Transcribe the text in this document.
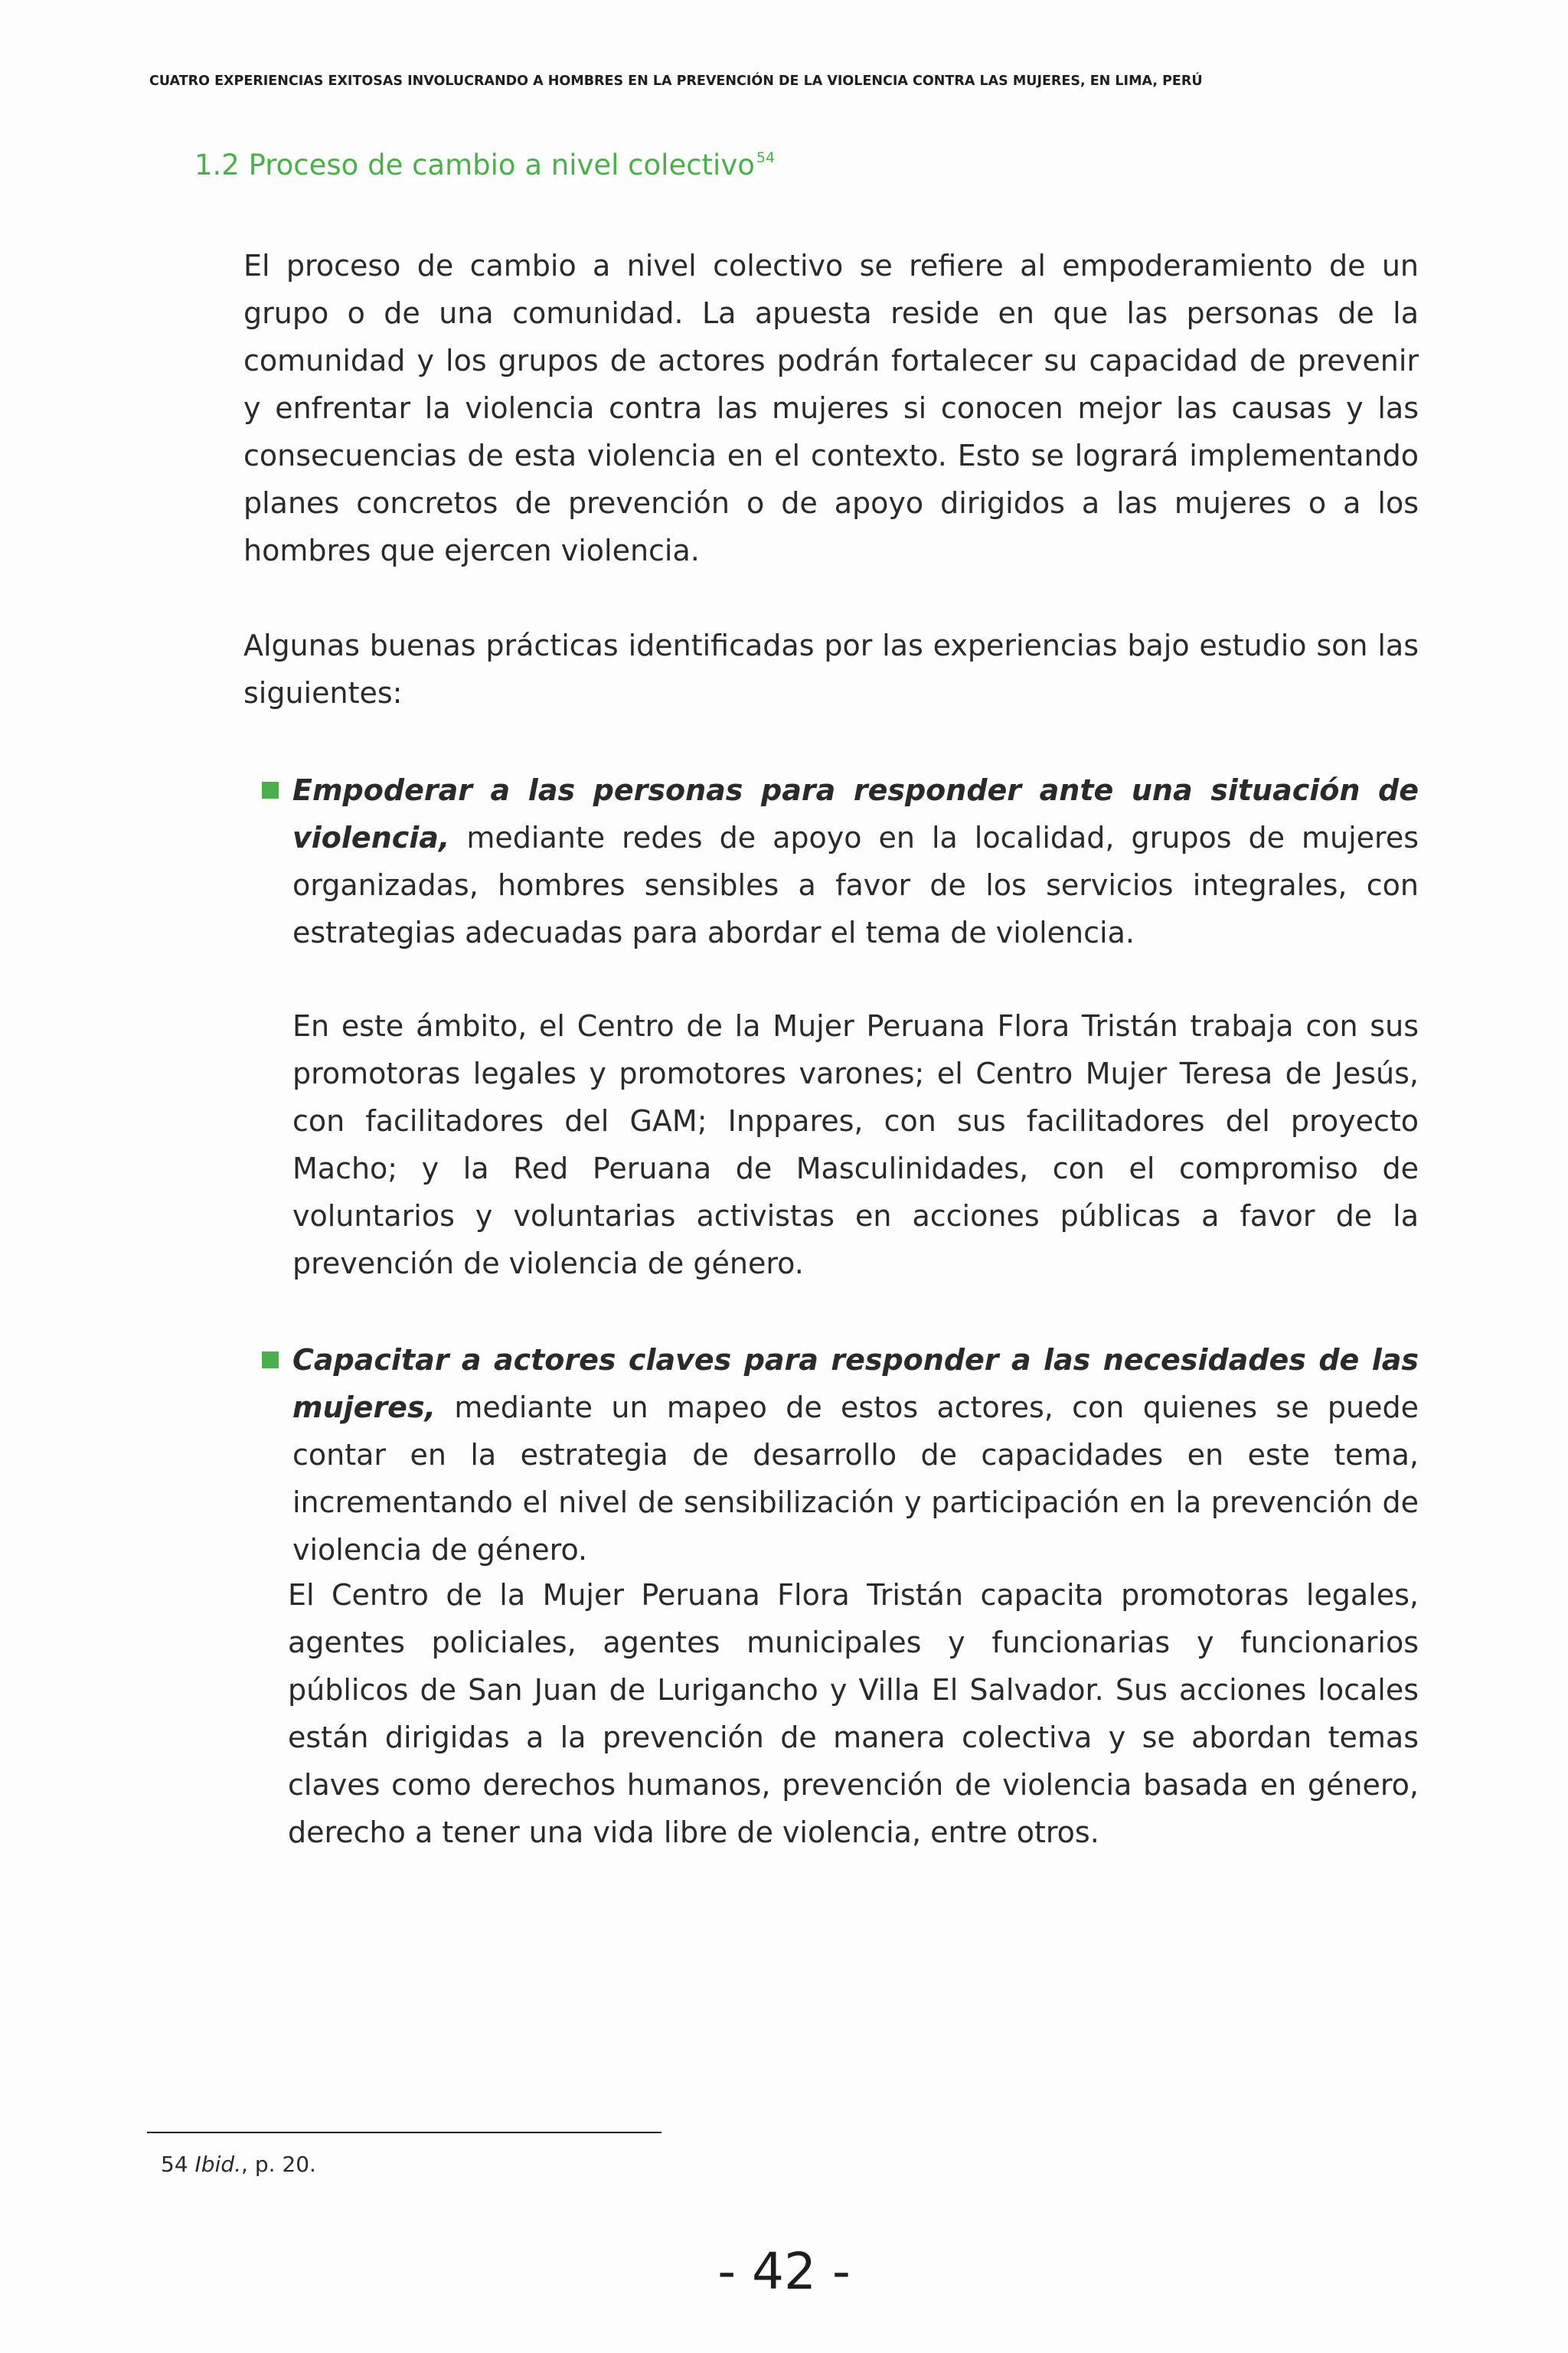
CUATRO EXPERIENCIAS EXITOSAS INVOLUCRANDO A HOMBRES EN LA PREVENCIÓN DE LA VIOLENCIA CONTRA LAS MUJERES, EN LIMA, PERÚ
1.2 Proceso de cambio a nivel colectivo $^{54}$

El proceso de cambio a nivel colectivo se refiere al empoderamiento de un grupo o de una comunidad. La apuesta reside en que las personas de la comunidad y los grupos de actores podrán fortalecer su capacidad de prevenir y enfrentar la violencia contra las mujeres si conocen mejor las causas y las consecuencias de esta violencia en el contexto. Esto se logrará implementando planes concretos de prevención o de apoyo dirigidos a las mujeres o a los hombres que ejercen violencia.

Algunas buenas prácticas identificadas por las experiencias bajo estudio son las siguientes:

Empoderar a las personas para responder ante una situación de violencia, mediante redes de apoyo en la localidad, grupos de mujeres organizadas, hombres sensibles a favor de los servicios integrales, con estrategias adecuadas para abordar el tema de violencia.

En este ámbito, el Centro de la Mujer Peruana Flora Tristán trabaja con sus promotoras legales y promotores varones; el Centro Mujer Teresa de Jesús, con facilitadores del GAM; Inppares, con sus facilitadores del proyecto Macho; y la Red Peruana de Masculinidades, con el compromiso de voluntarios y voluntarias activistas en acciones públicas a favor de la prevención de violencia de género.

Capacitar a actores claves para responder a las necesidades de las mujeres, mediante un mapeo de estos actores, con quienes se puede contar en la estrategia de desarrollo de capacidades en este tema, incrementando el nivel de sensibilización y participación en la prevención de violencia de género.

El Centro de la Mujer Peruana Flora Tristán capacita promotoras legales, agentes policiales, agentes municipales y funcionarias y funcionarios públicos de San Juan de Lurigancho y Villa El Salvador. Sus acciones locales están dirigidas a la prevención de manera colectiva y se abordan temas claves como derechos humanos, prevención de violencia basada en género, derecho a tener una vida libre de violencia, entre otros.

54 Ibid., p. 20.
- 42 -
